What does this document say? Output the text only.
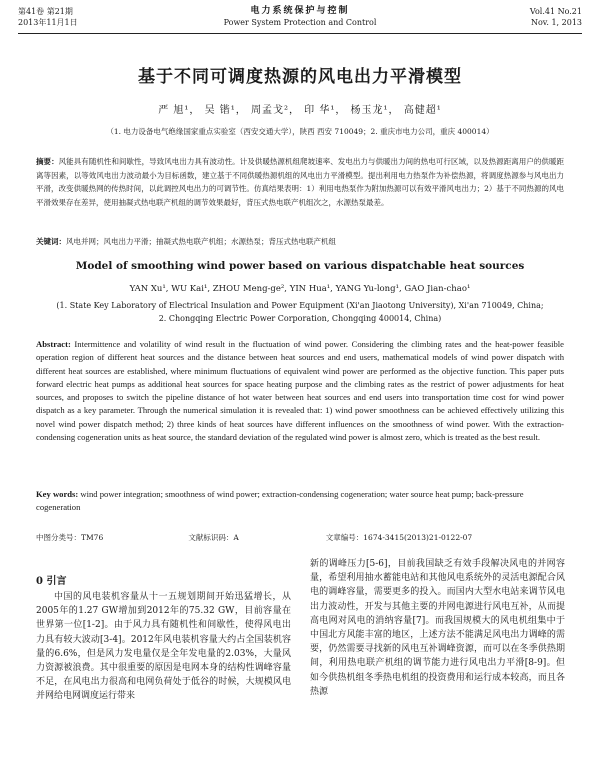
第41卷 第21期
2013年11月1日
电力系统保护与控制
Power System Protection and Control
Vol.41 No.21
Nov. 1, 2013
基于不同可调度热源的风电出力平滑模型
严 旭¹， 吴 锴¹， 周孟戈²， 印 华¹， 杨玉龙¹， 高健超¹
（1. 电力设备电气绝缘国家重点实验室（西安交通大学），陕西 西安 710049；2. 重庆市电力公司，重庆 400014）
摘要：风能具有随机性和间歇性，导致风电出力具有波动性。计及供暖热源机组爬坡速率、发电出力与供暖出力间的热电可行区域，以及热源距离用户的供暖距离等因素，以等效风电出力波动最小为目标函数，建立基于不同供暖热源机组的风电出力平滑模型。提出利用电力热泵作为补偿热源，将调度热源参与风电出力平滑，改变供暖热网的传热时间，以此调控风电出力的可调节性。仿真结果表明：1）利用电热泵作为附加热源可以有效平滑风电出力；2）基于不同热源的风电平滑效果存在差异，使用抽凝式热电联产机组的调节效果最好，背压式热电联产机组次之，水源热泵最差。
关键词：风电并网；风电出力平滑；抽凝式热电联产机组；水源热泵；背压式热电联产机组
Model of smoothing wind power based on various dispatchable heat sources
YAN Xu¹, WU Kai¹, ZHOU Meng-ge², YIN Hua¹, YANG Yu-long¹, GAO Jian-chao¹
(1. State Key Laboratory of Electrical Insulation and Power Equipment (Xi'an Jiaotong University), Xi'an 710049, China;
2. Chongqing Electric Power Corporation, Chongqing 400014, China)
Abstract: Intermittence and volatility of wind result in the fluctuation of wind power. Considering the climbing rates and the heat-power feasible operation region of different heat sources and the distance between heat sources and end users, mathematical models of wind power dispatch with different heat sources are established, where minimum fluctuations of equivalent wind power are performed as the objective function. This paper puts forward electric heat pumps as additional heat sources for space heating purpose and the climbing rates as the restrict of power adjustments for heat sources, and proposes to switch the pipeline distance of hot water between heat sources and end users into transportation time cost for wind power dispatch as a key parameter. Through the numerical simulation it is revealed that: 1) wind power smoothness can be achieved effectively utilizing this novel wind power dispatch method; 2) three kinds of heat sources have different influences on the smoothness of wind power. With the extraction-condensing cogeneration units as heat source, the standard deviation of the regulated wind power is almost zero, which is treated as the best result.
Key words: wind power integration; smoothness of wind power; extraction-condensing cogeneration; water source heat pump; back-pressure cogeneration
中图分类号：TM76	文献标识码：A	文章编号：1674-3415(2013)21-0122-07
0 引言

中国的风电装机容量从十一五规划期间开始迅猛增长，从2005年的1.27 GW增加到2012年的75.32 GW，目前容量在世界第一位[1-2]。由于风力具有随机性和间歇性，使得风电出力具有较大波动[3-4]。2012年风电装机容量大约占全国装机容量的6.6%，但是风力发电量仅是全年发电量的2.03%，大量风力资源被浪费。其中很重要的原因是电网本身的结构性调峰容量不足，在风电出力很高和电网负荷处于低谷的时候，大规模风电并网给电网调度运行带来

新的调峰压力[5-6]，目前我国缺乏有效手段解决风电的并网容量，希望利用抽水蓄能电站和其他风电系统外的灵活电源配合风电的调峰容量，需要更多的投入。而国内大型水电站来调节风电出力波动性，开发与其他主要的并网电源进行风电互补，从而提高电网对风电的消纳容量[7]。而我国规模大的风电机组集中于中国北方风能丰富的地区，上述方法不能满足风电出力调峰的需要，仍然需要寻找新的风电互补调峰资源，而可以在冬季供热期间，利用热电联产机组的调节能力进行风电出力平滑[8-9]。但如今供热机组冬季热电机组的投资费用和运行成本较高，而且各热源
